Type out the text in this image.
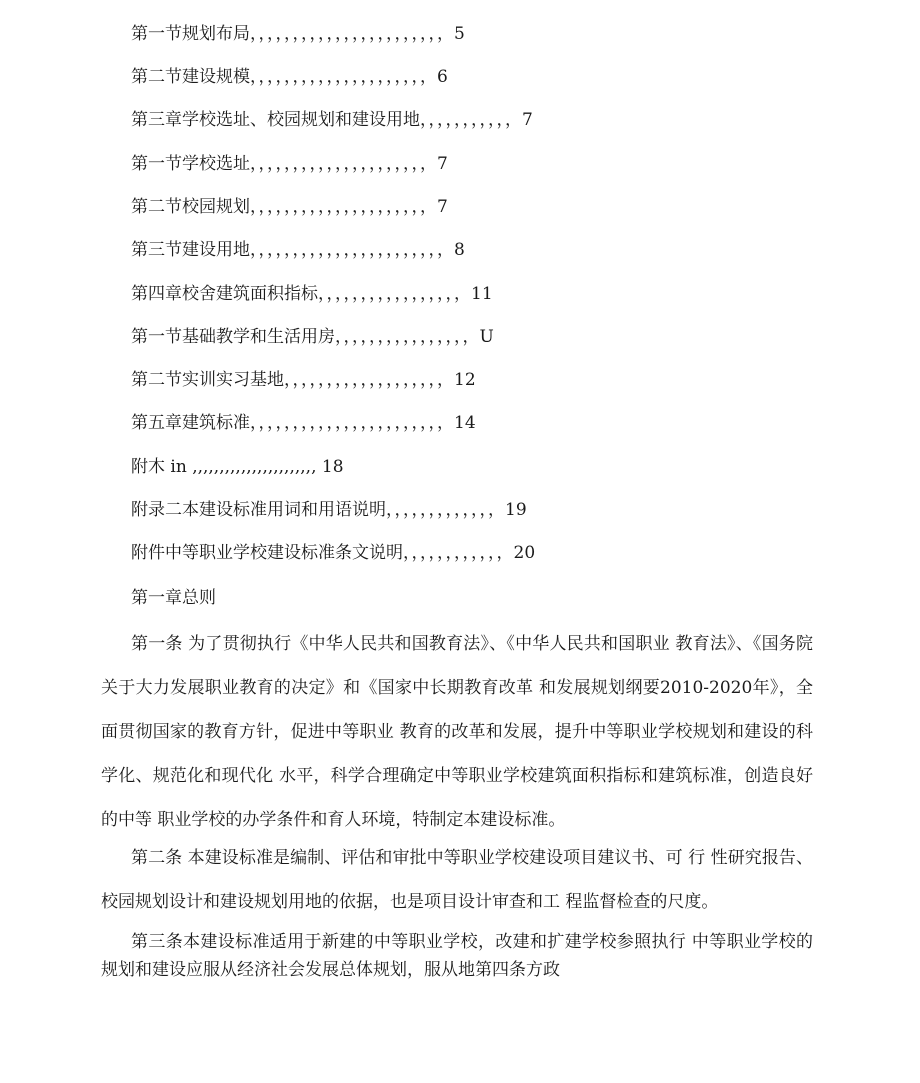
第一节规划布局，，，，，，，，，，，，，，，，，，，，，，，5
第二节建设规模，，，，，，，，，，，，，，，，，，，，，6
第三章学校选址、校园规划和建设用地，，，，，，，，，，，7
第一节学校选址，，，，，，，，，，，，，，，，，，，，，7
第二节校园规划，，，，，，，，，，，，，，，，，，，，，7
第三节建设用地，，，，，，，，，，，，，，，，，，，，，，，8
第四章校舍建筑面积指标，，，，，，，，，，，，，，，，，11
第一节基础教学和生活用房，，，，，，，，，，，，，，，，U
第二节实训实习基地，，，，，，，，，，，，，，，，，，，12
第五章建筑标准，，，，，，，，，，，，，，，，，，，，，，，14
附木 in ,,,,,,,,,,,,,,,,,,,,,,, 18
附录二本建设标准用词和用语说明，，，，，，，，，，，，，19
附件中等职业学校建设标准条文说明，，，，，，，，，，，，20
第一章总则

第一条 为了贯彻执行《中华人民共和国教育法》、《中华人民共和国职业 教育法》、《国务院关于大力发展职业教育的决定》和《国家中长期教育改革 和发展规划纲要2010-2020年》，全面贯彻国家的教育方针，促进中等职业 教育的改革和发展，提升中等职业学校规划和建设的科学化、规范化和现代化 水平，科学合理确定中等职业学校建筑面积指标和建筑标准，创造良好的中等 职业学校的办学条件和育人环境，特制定本建设标准。

第二条 本建设标准是编制、评估和审批中等职业学校建设项目建议书、可 行 性研究报告、校园规划设计和建设规划用地的依据，也是项目设计审查和工 程监督检查的尺度。

第三条本建设标准适用于新建的中等职业学校，改建和扩建学校参照执行 中等职业学校的规划和建设应服从经济社会发展总体规划，服从地第四条方政
